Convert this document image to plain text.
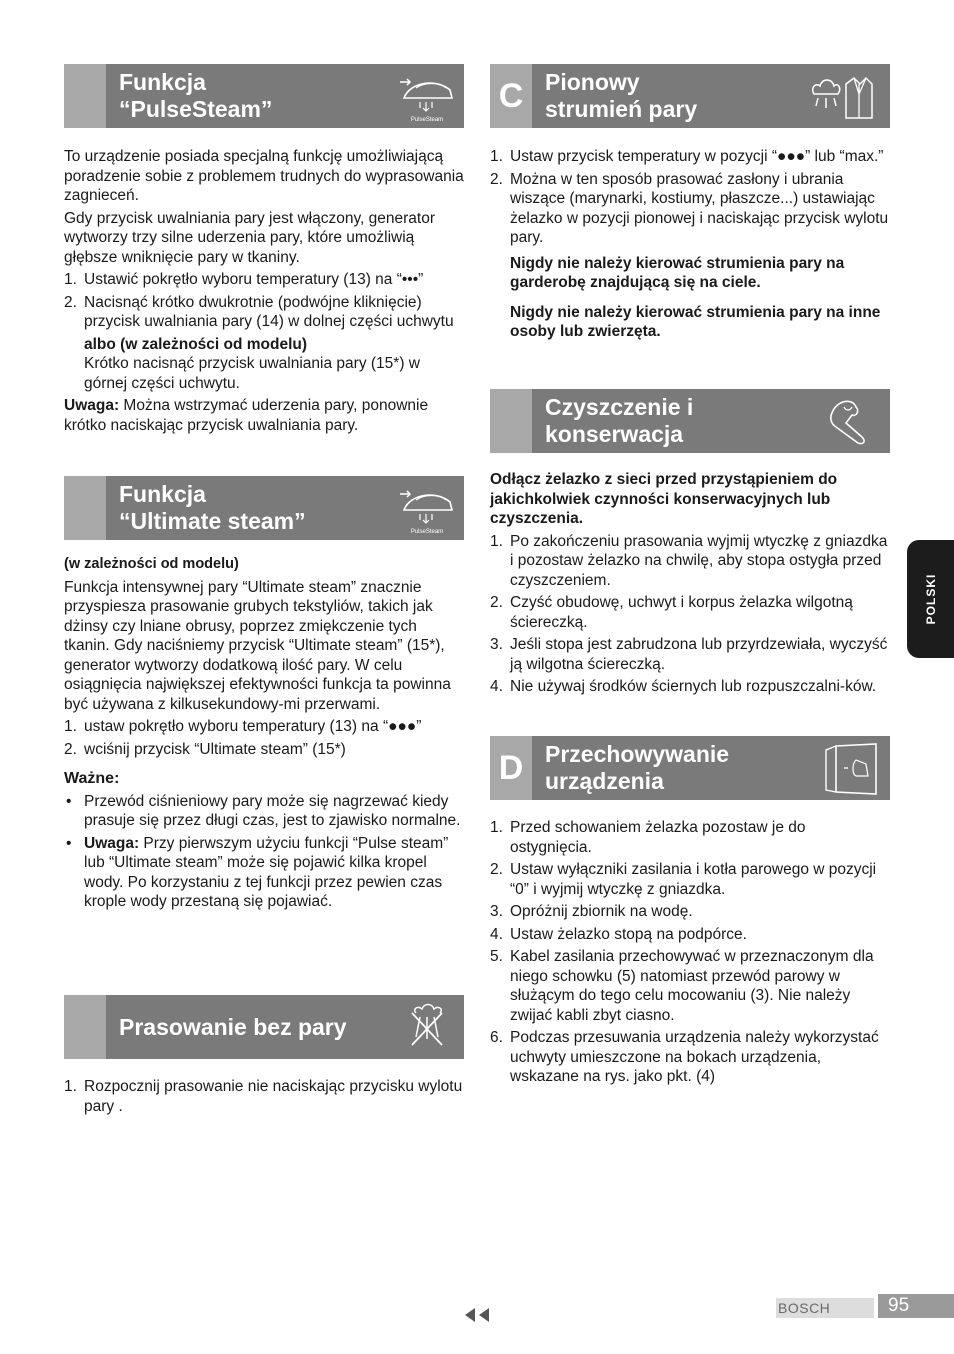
Funkcja
“PulseSteam”	PulseSteam

To urządzenie posiada specjalną funkcję umożliwiającą poradzenie sobie z problemem trudnych do wyprasowania zagnieceń.

Gdy przycisk uwalniania pary jest włączony, generator wytworzy trzy silne uderzenia pary, które umożliwią głębsze wniknięcie pary w tkaniny.

1. Ustawić pokrętło wyboru temperatury (13) na “•••”
2. Nacisnąć krótko dwukrotnie (podwójne kliknięcie) przycisk uwalniania pary (14) w dolnej części uchwytu
albo (w zależności od modelu)

Krótko nacisnąć przycisk uwalniania pary (15*) w górnej części uchwytu.

Uwaga: Można wstrzymać uderzenia pary, ponownie krótko naciskając przycisk uwalniania pary.

Funkcja
“Ultimate steam”	PulseSteam

(w zależności od modelu)

Funkcja intensywnej pary “Ultimate steam” znacznie przyspiesza prasowanie grubych tekstyliów, takich jak dżinsy czy lniane obrusy, poprzez zmiękczenie tych tkanin. Gdy naciśniemy przycisk “Ultimate steam” (15*), generator wytworzy dodatkową ilość pary. W celu osiągnięcia największej efektywności funkcja ta powinna być używana z kilkusekundowy-mi przerwami.

1. ustaw pokrętło wyboru temperatury (13) na “●●●”
2. wciśnij przycisk “Ultimate steam” (15*)

Ważne:

• Przewód ciśnieniowy pary może się nagrzewać kiedy prasuje się przez długi czas, jest to zjawisko normalne.
• Uwaga: Przy pierwszym użyciu funkcji “Pulse steam” lub “Ultimate steam” może się pojawić kilka kropel wody. Po korzystaniu z tej funkcji przez pewien czas krople wody przestaną się pojawiać.
Prasowanie bez pary
1. Rozpocznij prasowanie nie naciskając przycisku wylotu pary .
C Pionowy
strumień pary
1. Ustaw przycisk temperatury w pozycji “●●●” lub “max.”
2. Można w ten sposób prasować zasłony i ubrania wiszące (marynarki, kostiumy, płaszcze...) ustawiając żelazko w pozycji pionowej i naciskając przycisk wylotu pary.

Nigdy nie należy kierować strumienia pary na garderobę znajdującą się na ciele.

Nigdy nie należy kierować strumienia pary na inne osoby lub zwierzęta.

Czyszczenie i
konserwacja

Odłącz żelazko z sieci przed przystąpieniem do jakichkolwiek czynności konserwacyjnych lub czyszczenia.

1. Po zakończeniu prasowania wyjmij wtyczkę z gniazdka i pozostaw żelazko na chwilę, aby stopa ostygła przed czyszczeniem.
2. Czyść obudowę, uchwyt i korpus żelazka wilgotną ściereczką.
3. Jeśli stopa jest zabrudzona lub przyrdzewiała, wyczyść ją wilgotna ściereczką.
4. Nie używaj środków ściernych lub rozpuszczalni-ków.
D Przechowywanie
urządzenia
1. Przed schowaniem żelazka pozostaw je do ostygnięcia.
2. Ustaw wyłączniki zasilania i kotła parowego w pozycji “0” i wyjmij wtyczkę z gniazdka.
3. Opróżnij zbiornik na wodę.
4. Ustaw żelazko stopą na podpórce.
5. Kabel zasilania przechowywać w przeznaczonym dla niego schowku (5) natomiast przewód parowy w służącym do tego celu mocowaniu (3). Nie należy zwijać kabli zbyt ciasno.
6. Podczas przesuwania urządzenia należy wykorzystać uchwyty umieszczone na bokach urządzenia, wskazane na rys. jako pkt. (4)
POLSKI
BOSCH	95
